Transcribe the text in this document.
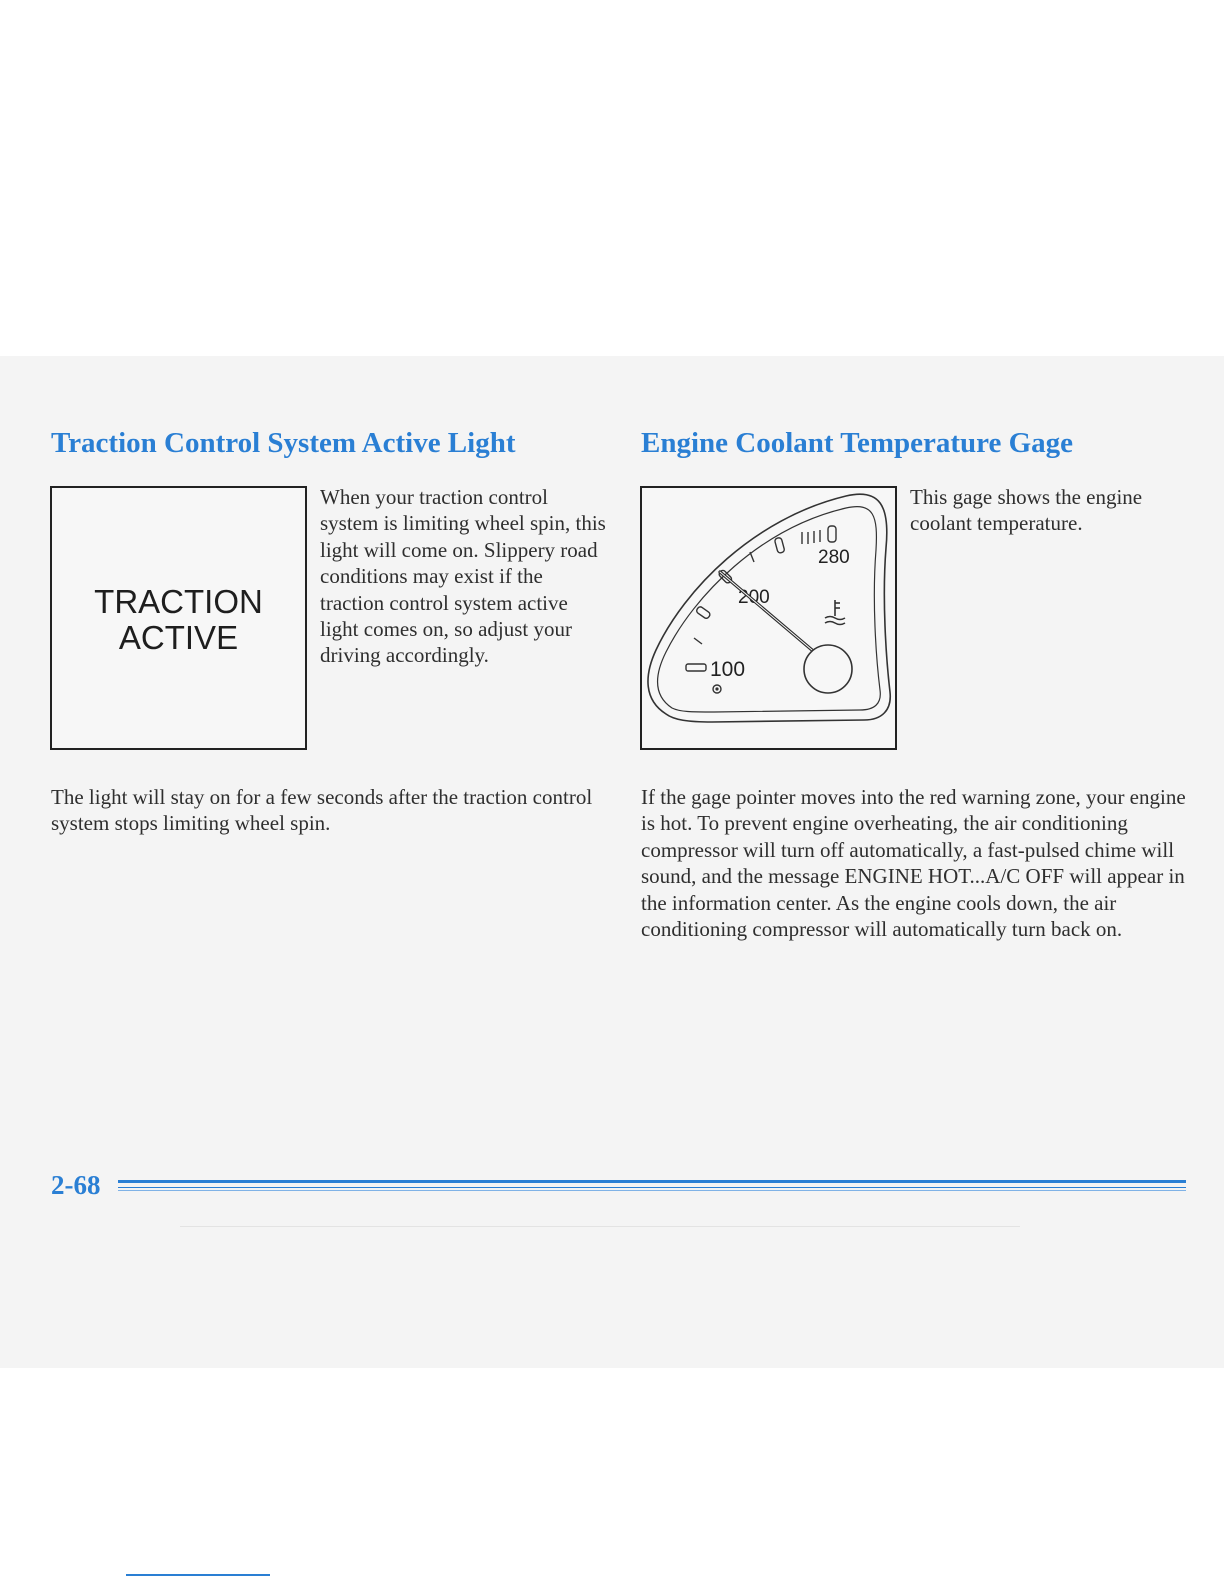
Traction Control System Active Light
TRACTION
ACTIVE

When your traction control system is limiting wheel spin, this light will come on. Slippery road conditions may exist if the traction control system active light comes on, so adjust your driving accordingly.

The light will stay on for a few seconds after the traction control system stops limiting wheel spin.

Engine Coolant Temperature Gage
280
200
100

This gage shows the engine coolant temperature.

If the gage pointer moves into the red warning zone, your engine is hot. To prevent engine overheating, the air conditioning compressor will turn off automatically, a fast-pulsed chime will sound, and the message ENGINE HOT...A/C OFF will appear in the information center. As the engine cools down, the air conditioning compressor will automatically turn back on.

2-68
